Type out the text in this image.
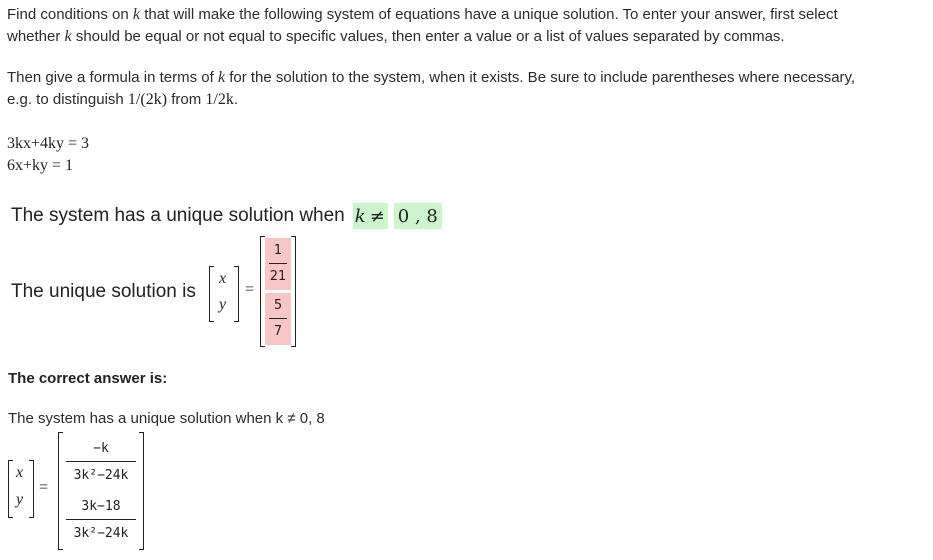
Find conditions on k that will make the following system of equations have a unique solution. To enter your answer, first select
whether k should be equal or not equal to specific values, then enter a value or a list of values separated by commas.
Then give a formula in terms of k for the solution to the system, when it exists. Be sure to include parentheses where necessary,
e.g. to distinguish 1/(2k) from 1/2k.
3kx+4ky = 3
6x+ky = 1
The system has a unique solution when k ≠ 0 , 8
The unique solution is
x
y
=
1
21
5
7
The correct answer is:
The system has a unique solution when k ≠ 0, 8
x
y
=
−k
3k²−24k
3k−18
3k²−24k
